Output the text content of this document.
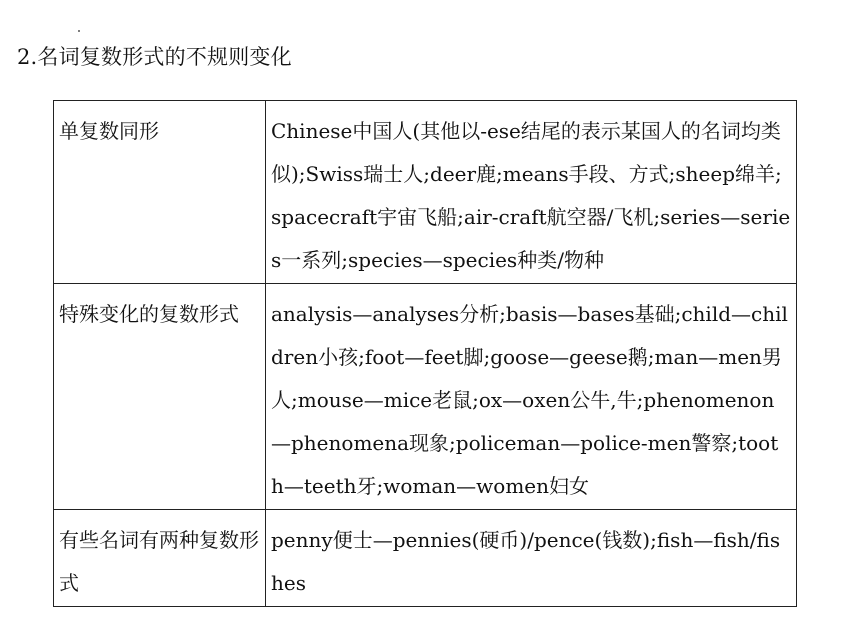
2.名词复数形式的不规则变化
单复数同形	Chinese中国人(其他以-ese结尾的表示某国人的名词均类似);Swiss瑞士人;deer鹿;means手段、方式;sheep绵羊;spacecraft宇宙飞船;air-craft航空器/飞机;series—series一系列;species—species种类/物种
特殊变化的复数形式	analysis—analyses分析;basis—bases基础;child—children小孩;foot—feet脚;goose—geese鹅;man—men男人;mouse—mice老鼠;ox—oxen公牛,牛;phenomenon—phenomena现象;policeman—police-men警察;tooth—teeth牙;woman—women妇女
有些名词有两种复数形式	penny便士—pennies(硬币)/pence(钱数);fish—fish/fishes
